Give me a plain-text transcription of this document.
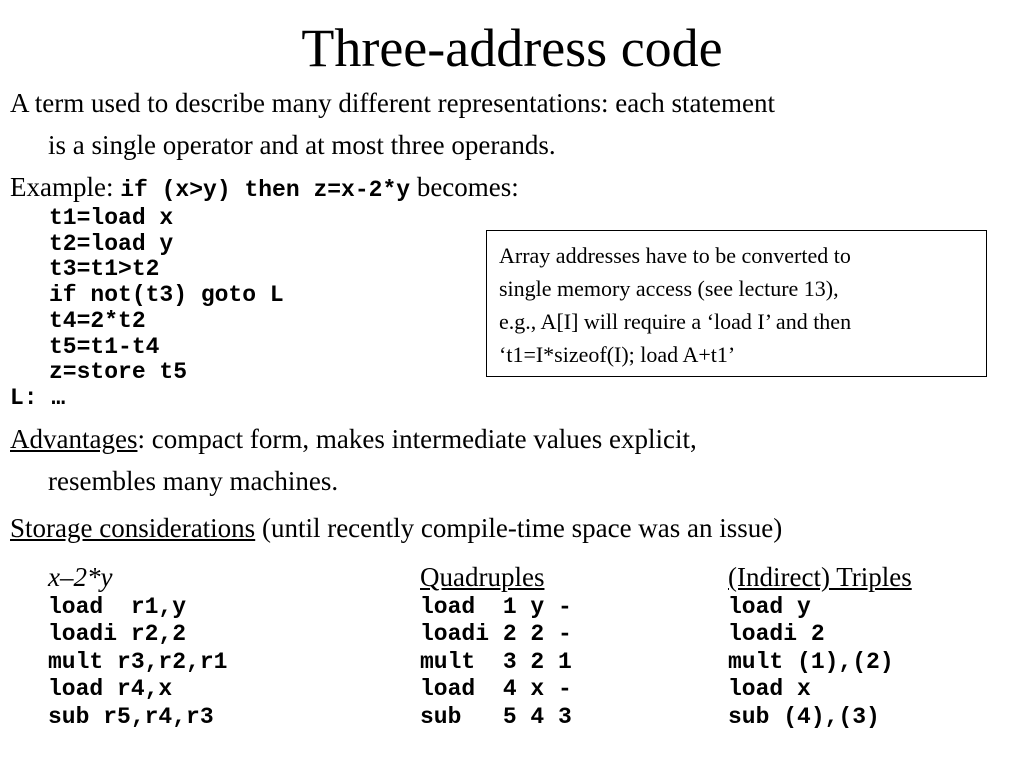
Three-address code
A term used to describe many different representations: each statement
is a single operator and at most three operands.
Example: if (x>y) then z=x-2*y becomes:
t1=load x
t2=load y
t3=t1>t2
if not(t3) goto L
t4=2*t2
t5=t1-t4
z=store t5
L: …
Array addresses have to be converted to
single memory access (see lecture 13),
e.g., A[I] will require a ‘load I’ and then
‘t1=I*sizeof(I); load A+t1’
Advantages: compact form, makes intermediate values explicit,
resembles many machines.
Storage considerations (until recently compile-time space was an issue)
x–2*y
load  r1,y
loadi r2,2
mult r3,r2,r1
load r4,x
sub r5,r4,r3
Quadruples
load  1 y -
loadi 2 2 -
mult  3 2 1
load  4 x -
sub   5 4 3
(Indirect) Triples
load y
loadi 2
mult (1),(2)
load x
sub (4),(3)
